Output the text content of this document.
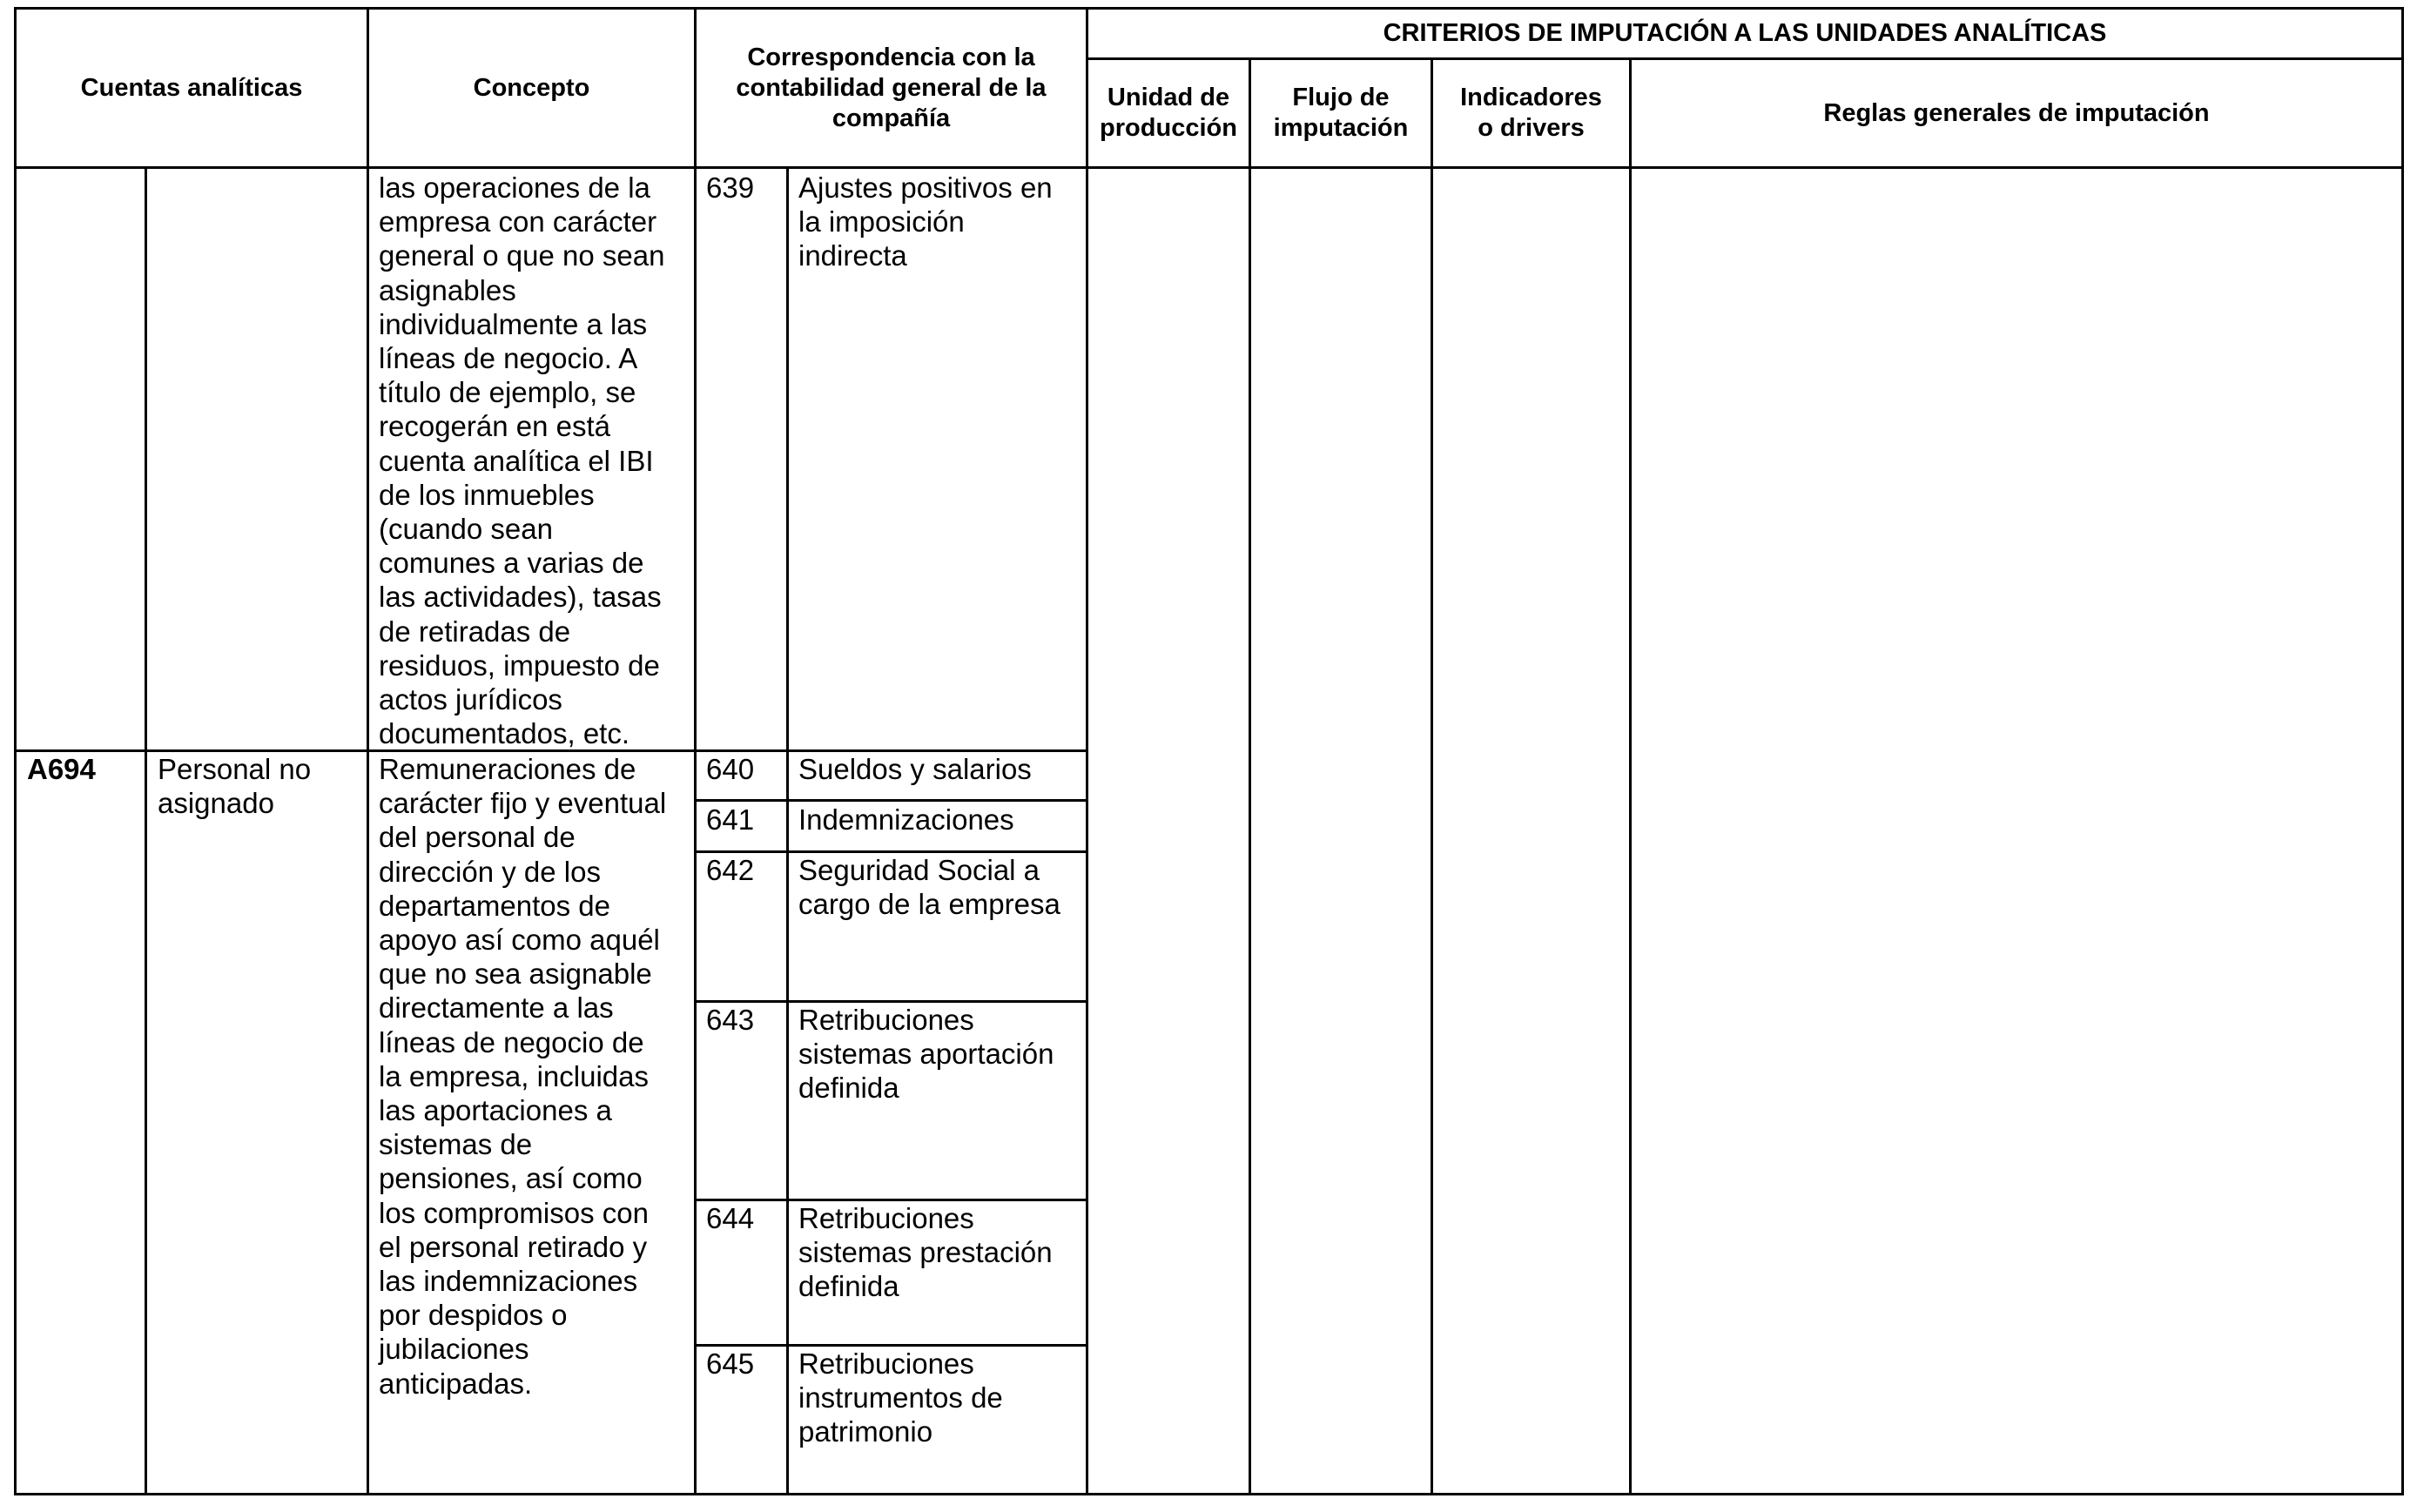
Cuentas analíticas	Concepto
Correspondencia con la
contabilidad general de la
compañía
CRITERIOS DE IMPUTACIÓN A LAS UNIDADES ANALÍTICAS
Unidad de
producción
Flujo de
imputación
Indicadores
o drivers
Reglas generales de imputación
las operaciones de la
empresa con carácter
general o que no sean
asignables
individualmente a las
líneas de negocio. A
título de ejemplo, se
recogerán en está
cuenta analítica el IBI
de los inmuebles
(cuando sean
comunes a varias de
las actividades), tasas
de retiradas de
residuos, impuesto de
actos jurídicos
documentados, etc.
639 Ajustes positivos en
la imposición
indirecta
A694 Personal no
asignado
Remuneraciones de
carácter fijo y eventual
del personal de
dirección y de los
departamentos de
apoyo así como aquél
que no sea asignable
directamente a las
líneas de negocio de
la empresa, incluidas
las aportaciones a
sistemas de
pensiones, así como
los compromisos con
el personal retirado y
las indemnizaciones
por despidos o
jubilaciones
anticipadas.
640 Sueldos y salarios
641 Indemnizaciones
642 Seguridad Social a
cargo de la empresa
643 Retribuciones
sistemas aportación
definida
644 Retribuciones
sistemas prestación
definida
645 Retribuciones
instrumentos de
patrimonio
